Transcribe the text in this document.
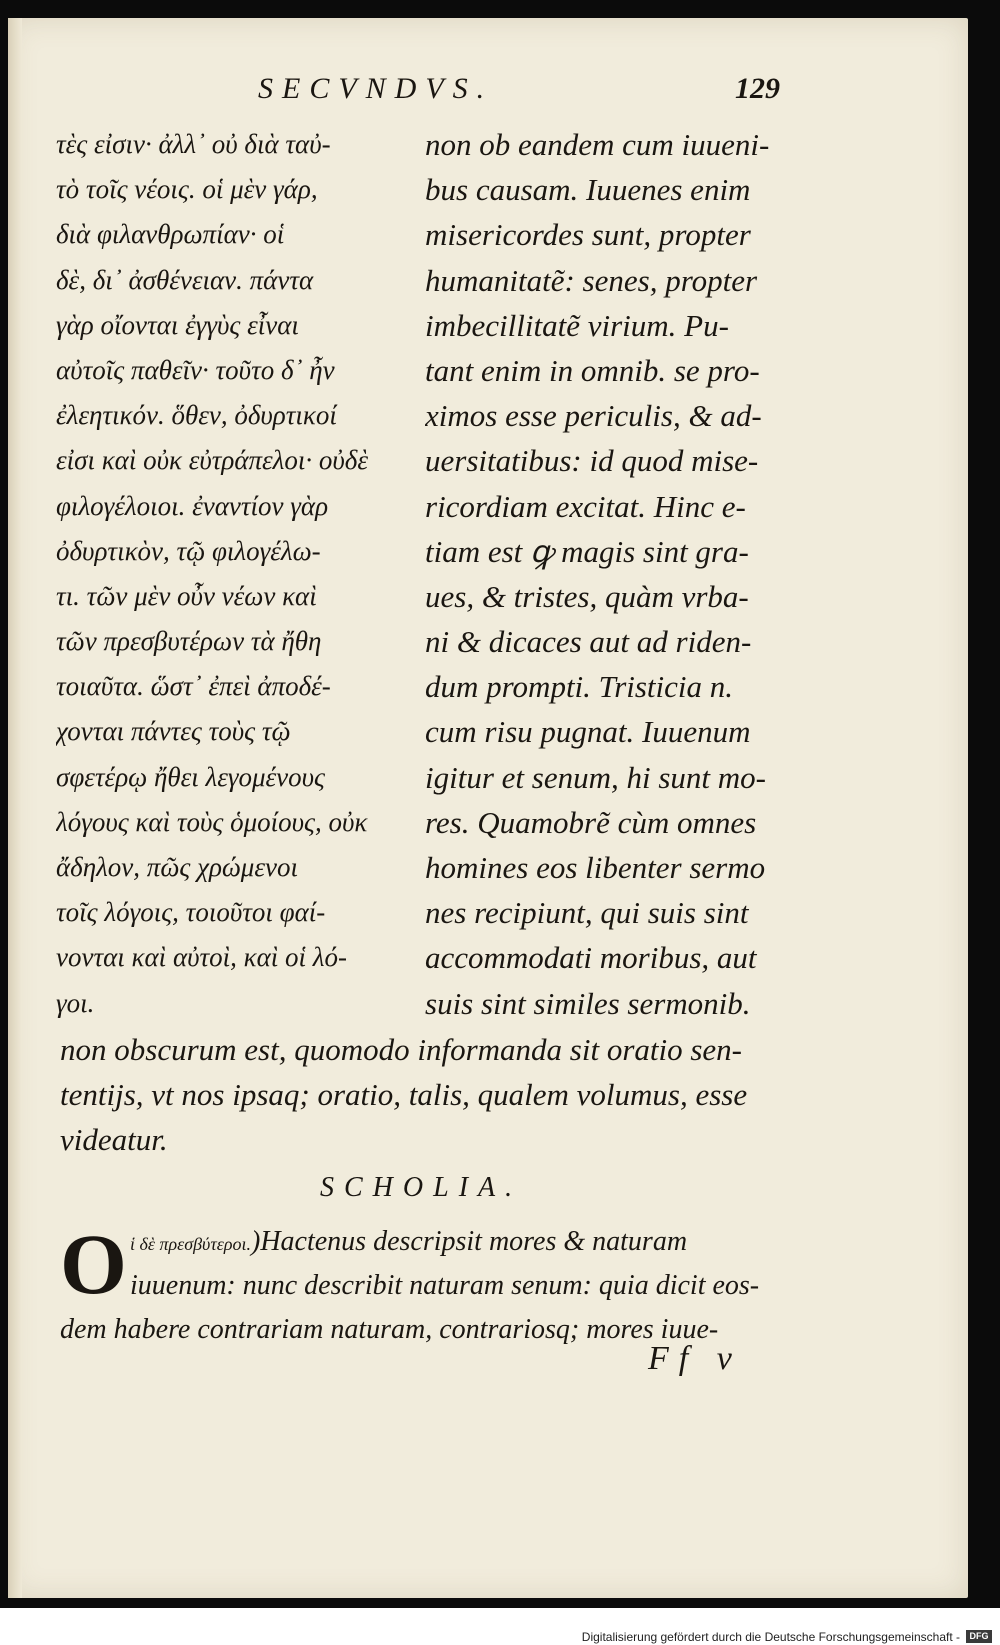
SECVNDVS.	129
τὲς εἰσιν· ἀλλ᾽ οὐ διὰ ταὐ-
τὸ τοῖς νέοις. οἱ μὲν γάρ,
διὰ φιλανθρωπίαν· οἱ
δὲ, δι᾽ ἀσθένειαν. πάντα
γὰρ οἴονται ἐγγὺς εἶναι
αὐτοῖς παθεῖν· τοῦτο δ᾽ ἦν
ἐλεητικόν. ὅθεν, ὀδυρτικοί
εἰσι καὶ οὐκ εὐτράπελοι· οὐδὲ
φιλογέλοιοι. ἐναντίον γὰρ
ὀδυρτικὸν, τῷ φιλογέλω-
τι. τῶν μὲν οὖν νέων καὶ
τῶν πρεσβυτέρων τὰ ἤθη
τοιαῦτα. ὥστ᾽ ἐπεὶ ἀποδέ-
χονται πάντες τοὺς τῷ
σφετέρῳ ἤθει λεγομένους
λόγους καὶ τοὺς ὁμοίους, οὐκ
ἄδηλον, πῶς χρώμενοι
τοῖς λόγοις, τοιοῦτοι φαί-
νονται καὶ αὐτοὶ, καὶ οἱ λό-
γοι.
non ob eandem cum iuueni-
bus causam. Iuuenes enim
misericordes sunt, propter
humanitatẽ: senes, propter
imbecillitatẽ virium. Pu-
tant enim in omnib. se pro-
ximos esse periculis, & ad-
uersitatibus: id quod mise-
ricordiam excitat. Hinc e-
tiam est ꝙ magis sint gra-
ues, & tristes, quàm vrba-
ni & dicaces aut ad riden-
dum prompti. Tristicia n.
cum risu pugnat. Iuuenum
igitur et senum, hi sunt mo-
res. Quamobrẽ cùm omnes
homines eos libenter sermo
nes recipiunt, qui suis sint
accommodati moribus, aut
suis sint similes sermonib.
non obscurum est, quomodo informanda sit oratio sen-
tentijs, vt nos ipsaq; oratio, talis, qualem volumus, esse
videatur.
SCHOLIA.
O ἱ δὲ πρεσβύτεροι.)Hactenus descripsit mores & naturam
iuuenum: nunc describit naturam senum: quia dicit eos-
dem habere contrariam naturam, contrariosq; mores iuue-
Ff v
Digitalisierung gefördert durch die Deutsche Forschungsgemeinschaft -	DFG
